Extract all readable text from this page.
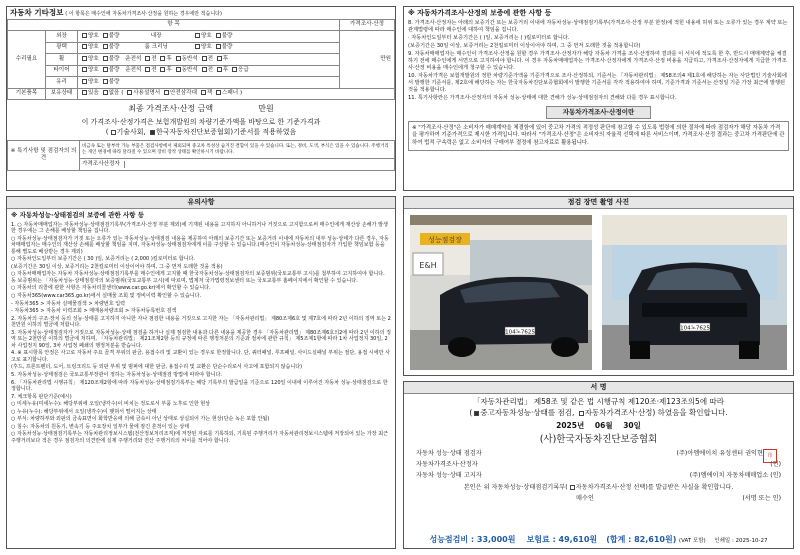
자동차 기타정보 ( 이 항목은 매수인에 자동차가격조사·산정을 원하는 경우에만 적습니다)
항 목			가격조사·산정
수리필요	외장	양호 불량 내장 양호 불량	만원
	광택	양호 불량 룸 크리닝 양호 불량	
	휠	양호 불량 운전석 전 후 동반석 전 후	
	타이어	양호 불량 운전석 전 후 동반석 전 후 응급	
	유리	양호 불량	
기본품목	보유상태	있음 없음 ( 사용설명서 안전삼각대 잭 스패너 )	
최종 가격조사·산정 금액	만원
이 가격조사·산정가격은 보험개발원의 차량기준가액을 바탕으로 한 기준가격과
( 기술사회, 한국자동차진단보증협회)기준서를 적용하였음
※ 특기사항 및 점검자의 의견	비금속 또는 탈부착 가능 부품은 점검사항에서 제외되며 중고차 특성상 숨겨진 결함이 있을 수 있습니다. 또는, 정비, 도색, 부식은 있을 수 있습니다. 주행거리는 개인 변경에 따라 달라질 수 있으며 장비 장착 상태를 확인하시기 바랍니다.
가격조사산정자
※ 자동차가격조사·산정의 보증에 관한 사항 등
8. 가격조사·산정자는 아래의 보증기간 또는 보증거리 이내에 자동차성능·상태점검기록부(가격조사·산정 부분 한정)에 적힌 내용에 허위 또는 오류가 있는 경우 계약 또는 관계법령에 따라 매수인에 대하여 책임을 집니다.
· 자동차인도일부터 보증기간은 ( )일, 보증거리는 ( )킬로미터로 합니다.
(보증기간은 30일 이상, 보증거리는 2천킬로미터 이상이어야 하며, 그 중 먼저 도래한 것을 적용합니다)
9. 자동차매매업자는 매수인이 가격조사·산정을 원할 경우 가격조사·산정자가 해당 자동차 가격을 조사·산정하여 결과를 이 서식에 적도록 한 후, 반드시 매매계약을 체결하기 전에 매수인에게 서면으로 고지하여야 합니다. 이 경우 자동차매매업자는 가격조사·산정자에게 가격조사·산정 비용을 지급하고, 가격조사·산정자에게 지급한 가격조사·산정 비용을 매수인에게 청구할 수 있습니다.
10. 자동차가격은 보험개발원의 정한 차량기준가액을 기준가격으로 조사·산정하되, 기준서는 「자동차관리법」 제58조의4 제1호에 해당하는 자는 사단법인 기술사회에서 발행한 기준서를, 제2호에 해당하는 자는 한국자동차진단보증협회에서 발행한 기준서를 각각 적용하여야 하며, 기준가격과 기준서는 산정일 기준 가장 최근에 발행된 것을 적용합니다.
11. 특기사항란은 가격조사·산정자의 자동차 성능·상태에 대한 견해가 성능·상태점검자의 견해와 다를 경우 표시합니다.
자동차가격조사·산정이란
※ "가격조사·산정"은 소비자가 매매계약을 체결함에 있어 중고차 가격의 적정성 판단에 참고할 수 있도록 법령에 의한 절차에 따라 점검자가 해당 자동차 가격을 평가하여 기준가격으로 제시한 가격입니다. 따라서 "가격조사·산정"은 소비자의 자율적 선택에 따른 서비스이며, 가격조사·산정 결과는 중고차 가격판단에 관하여 법적 구속력은 없고 소비자의 구매여부 결정에 참고자료로 활용됩니다.
유의사항
※ 자동차성능·상태점검의 보증에 관한 사항 등
1. ○ 자동차매매업자는 자동차성능·상태점검기록부(가격조사·산정 부분 제외)에 기재된 내용을 고지하지 아니하거나 거짓으로 고지함으로써 매수인에게 재산상 손해가 발생한 경우에는 그 손해를 배상할 책임을 집니다.
○ 자동차성능·상태점검자가 거짓 또는 오류가 있는 자동차성능·상태점검 내용을 제공하여 아래의 보증기간 또는 보증거리 이내에 자동차의 내부 성능·상태가 다른 경우, 자동차매매업자는 매수인의 재산상 손해를 배상할 책임을 지며, 자동차성능·상태점검자에게 이를 구상할 수 있습니다.(매수인이 자동차성능·상태점검자가 가입한 책임보험 등을 통해 별도로 배상받는 경우 제외)
○ 자동차인도일부터 보증기간은 ( 30 )일, 보증거리는 ( 2,000 )킬로미터로 합니다.
(보증기간은 30일 이상, 보증거리는 2천킬로미터 이상이어야 하며, 그 중 먼저 도래한 것을 적용)
○ 자동차매매업자는 자동차 자동차성능·상태점검기록부를 매수인에게 고지할 때 한국자동차성능·상태점검자의 보증범위(국토교통부 고시)를 첨부하여 고지하여야 합니다. 동 보증범위는 「자동차성능·상태점검자의 보증범위(국토교통부 고시)에 따르며, 법제처 국가법령정보센터 또는 국토교통부 홈페이지에서 확인할 수 있습니다.
○ 자동차의 리콜에 관한 사항은 자동차리콜센터(www.car.go.kr)에서 확인할 수 있습니다.
○ 자동차365(www.car365.go.kr)에서 실매물 조회 및 정비이력 확인할 수 있습니다.
- 자동차365 > 자동차 실매물검색 > 차량번호 입력
- 자동차365 > 자동차 이력조회 > 매매용차량조회 > 자동차등록번호 검색
2. 자동차의 구조·장치 등의 성능·상태를 고지하지 아니한 자나 점검한 내용을 거짓으로 고지한 자는 「자동차관리법」 제80조제6호 및 제7호에 따라 2년 이하의 징역 또는 2천만원 이하의 벌금에 처합니다.
3. 자동차성능·상태점검자가 거짓으로 자동차성능·상태 점검을 하거나 실제 점검한 내용과 다른 내용을 제공한 경우 「자동차관리법」 제80조제6호의2에 따라 2년 이하의 징역 또는 2천만원 이하의 벌금에 처하며, 「자동차관리법」 제21조제2항 등의 규정에 따른 행정처분의 기준과 절차에 관한 규칙」 제5조제1항에 따라 1차 사업정지 30일, 2차 사업정지 90일, 3차 사업정 폐쇄의 행정처분을 받습니다.
4. ※ 표시항목 안정은 사고로 자동차 주요 골격 부위의 판금, 용접수리 및 교환이 있는 경우로 한정합니다. 단, 쿼터패널, 루프패널, 사이드실패널 부위는 절단, 용접 시에만 사고로 표기합니다.
(후드, 프론트펜더, 도어, 트렁크리드 등 외판 부위 및 범퍼에 대한 판금, 용접수리 및 교환은 단순수리로서 사고에 포함되지 않습니다)
5. 자동차성능·상태점검은 국토교통부장관이 정하는 자동차성능·상태점검 방법에 따라야 합니다.
6. 「자동차관리법 시행규칙」 제120조제2항에 따라 자동차성능·상태점검기록부는 해당 기록부의 발급일을 기준으로 120일 이내에 이루어진 자동차 성능·상태점검으로 한정합니다.
7. 체크항목 판단기준(예시)
○ 미세누유(미세누수): 해당부위에 오일(냉각수)이 비치는 정도로서 부품 노후로 인한 현상
○ 누유(누수): 해당부위에서 오일(냉각수)이 맺혀서 떨어지는 상태
○ 부식: 차량하부와 외판의 금속표면이 화학반응에 의해 금속이 아닌 상태로 상실되어 가는 현상(단순 녹은 포함 안됨)
○ 침수: 자동차의 원동기, 변속기 등 주요장치 일부가 물에 잠긴 흔적이 있는 상태
○ 자동차성능·상태점검기록부는 자동차관리정보시스템(전산정보처리조직)에 저장된 자료를 기록하되, 기록된 주행거리가 자동차관리정보시스템에 저장되어 있는 가장 최근 주행거리보다 적은 경우 점검자의 의견란에 실제 주행거리와 전산 주행거리의 차이를 적어야 합니다.
점검 장면 촬영 사진
성능점검장
E&H
104노7625
104노7625
서 명
「자동차관리법」 제58조 및 같은 법 시행규칙 제120조·제123조의5에 따라
( 중고자동차성능·상태를 점검, 자동차가격조사·산정) 하였음을 확인합니다.
2025년 06월 30일
(사)한국자동차진단보증협회
자동차 성능·상태 점검자	(주)아엠에이치 유성센터 권익현
자동차가격조사·산정자	(인)
자동차 성능·상태 고지자	(주)엠에이치 자동차매매업소 (인)
본인은 위 자동차성능·상태점검기록부( 자동차가격조사·산정 선택)를 발급받은 사실을 확인합니다.
매수인	(서명 또는 인)
印
성능점검비 : 33,000원 보험료 : 49,610원 (합계 : 82,610원) (VAT 포함) 인쇄일 : 2025-10-27
